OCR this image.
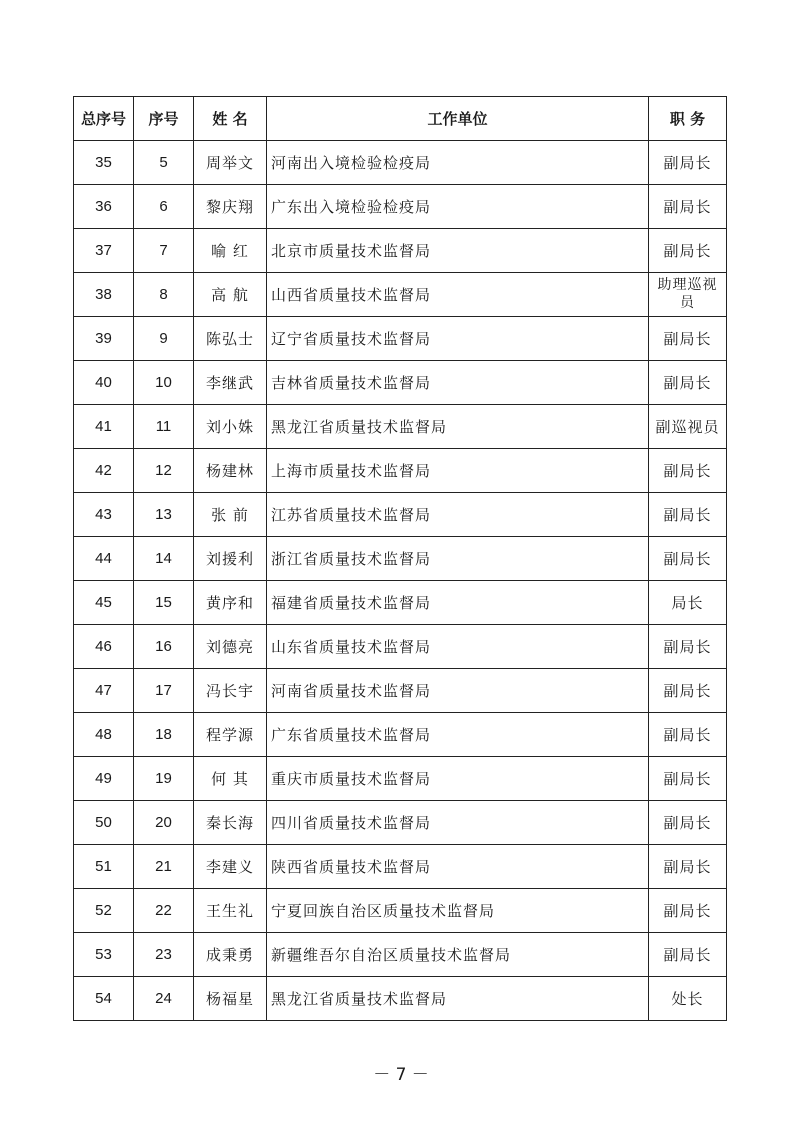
总序号	序号	姓 名	工作单位	职 务
35	5	周举文	河南出入境检验检疫局	副局长
36	6	黎庆翔	广东出入境检验检疫局	副局长
37	7	喻 红	北京市质量技术监督局	副局长
38	8	高 航	山西省质量技术监督局	助理巡视员
39	9	陈弘士	辽宁省质量技术监督局	副局长
40	10	李继武	吉林省质量技术监督局	副局长
41	11	刘小姝	黑龙江省质量技术监督局	副巡视员
42	12	杨建林	上海市质量技术监督局	副局长
43	13	张 前	江苏省质量技术监督局	副局长
44	14	刘援利	浙江省质量技术监督局	副局长
45	15	黄序和	福建省质量技术监督局	局长
46	16	刘德亮	山东省质量技术监督局	副局长
47	17	冯长宇	河南省质量技术监督局	副局长
48	18	程学源	广东省质量技术监督局	副局长
49	19	何 其	重庆市质量技术监督局	副局长
50	20	秦长海	四川省质量技术监督局	副局长
51	21	李建义	陕西省质量技术监督局	副局长
52	22	王生礼	宁夏回族自治区质量技术监督局	副局长
53	23	成秉勇	新疆维吾尔自治区质量技术监督局	副局长
54	24	杨福星	黑龙江省质量技术监督局	处长
－ 7 －
